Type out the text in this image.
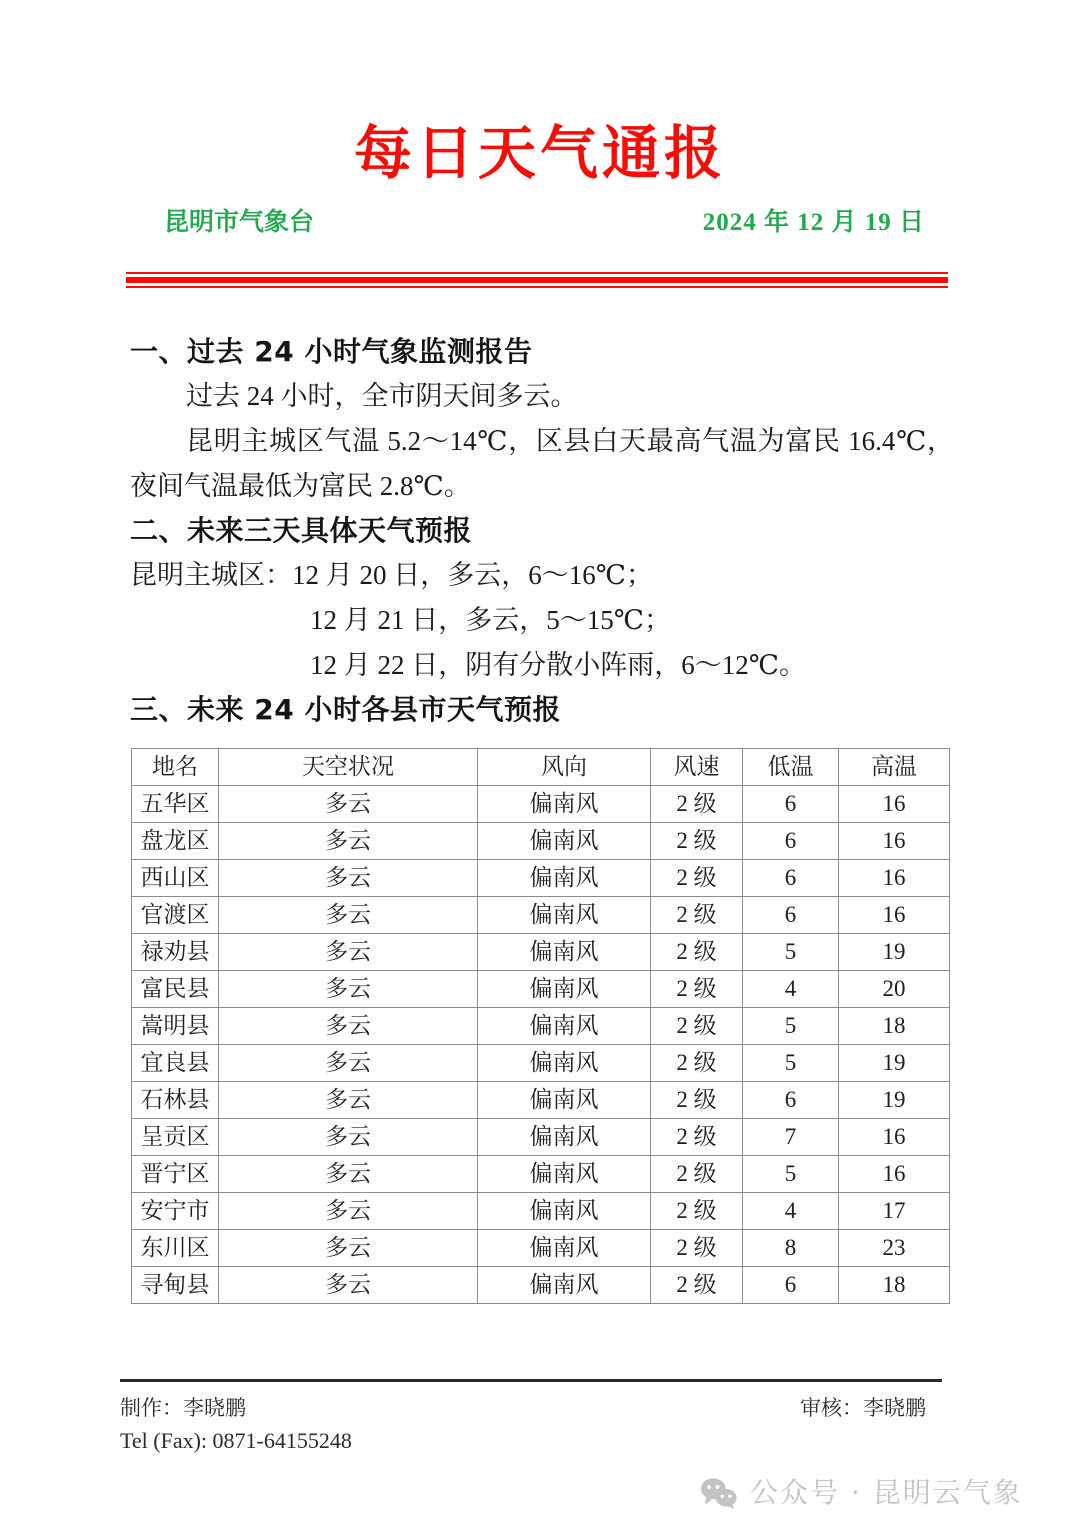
每日天气通报
昆明市气象台	2024 年 12 月 19 日
一、过去 24 小时气象监测报告
过去 24 小时，全市阴天间多云。
昆明主城区气温 5.2～14℃，区县白天最高气温为富民 16.4℃，夜间气温最低为富民 2.8℃。
二、未来三天具体天气预报
昆明主城区：12 月 20 日，多云，6～16℃；
12 月 21 日，多云，5～15℃；
12 月 22 日，阴有分散小阵雨，6～12℃。
三、未来 24 小时各县市天气预报
地名	天空状况	风向	风速	低温	高温
五华区	多云	偏南风	2 级	6	16
盘龙区	多云	偏南风	2 级	6	16
西山区	多云	偏南风	2 级	6	16
官渡区	多云	偏南风	2 级	6	16
禄劝县	多云	偏南风	2 级	5	19
富民县	多云	偏南风	2 级	4	20
嵩明县	多云	偏南风	2 级	5	18
宜良县	多云	偏南风	2 级	5	19
石林县	多云	偏南风	2 级	6	19
呈贡区	多云	偏南风	2 级	7	16
晋宁区	多云	偏南风	2 级	5	16
安宁市	多云	偏南风	2 级	4	17
东川区	多云	偏南风	2 级	8	23
寻甸县	多云	偏南风	2 级	6	18
制作：李晓鹏	审核：李晓鹏
Tel (Fax): 0871-64155248
公众号 · 昆明云气象
